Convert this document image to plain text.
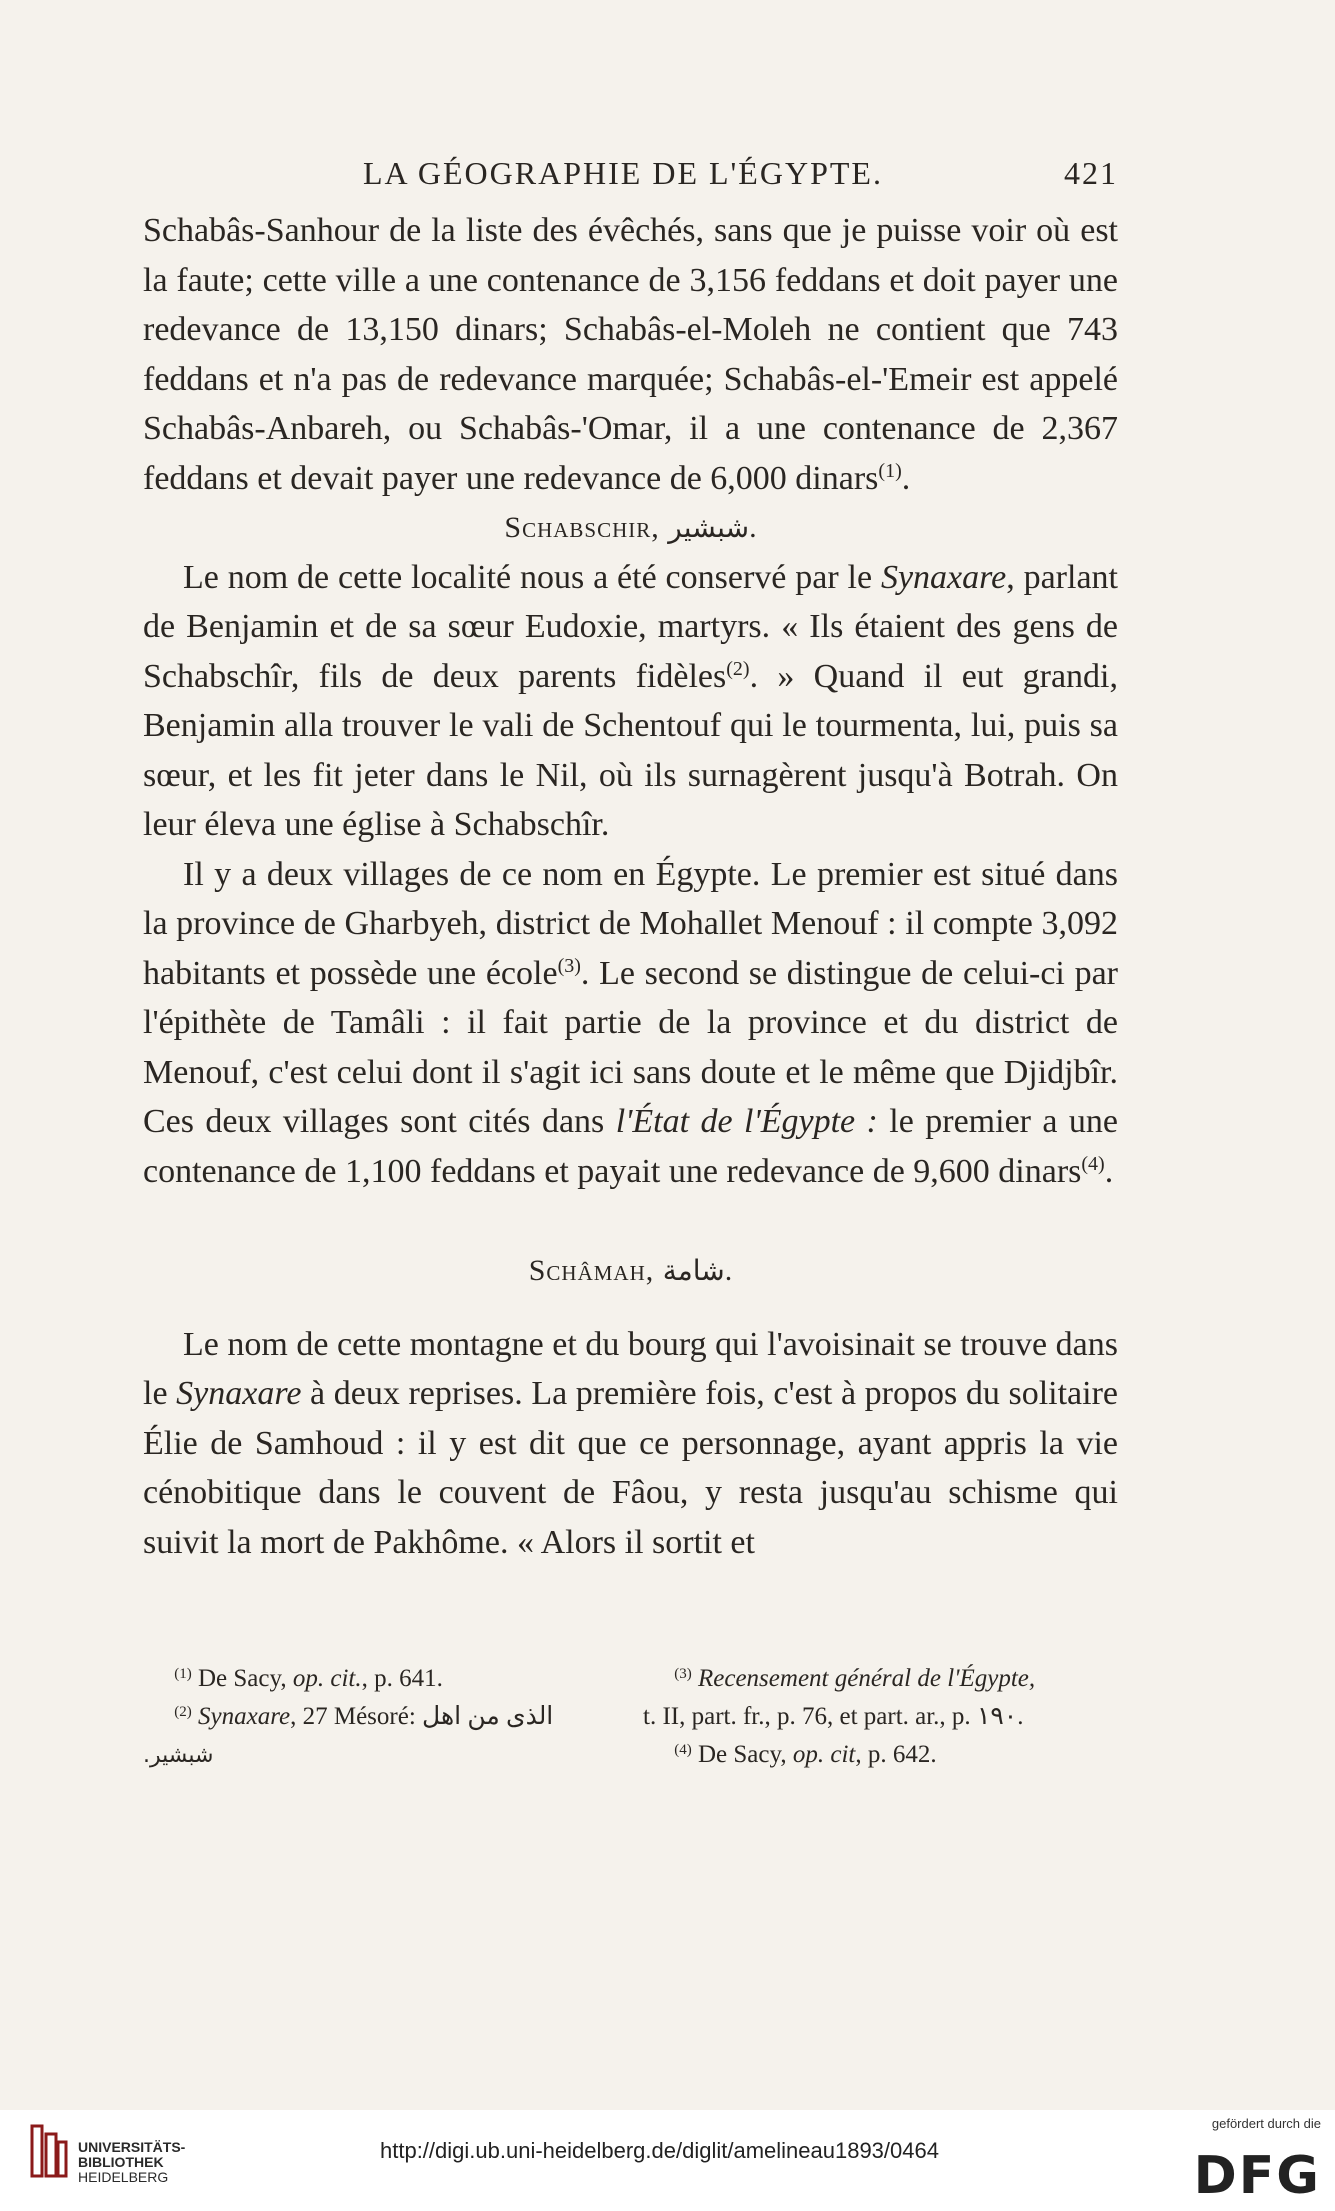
LA GÉOGRAPHIE DE L'ÉGYPTE.	421

Schabâs-Sanhour de la liste des évêchés, sans que je puisse voir où est la faute; cette ville a une contenance de 3,156 feddans et doit payer une redevance de 13,150 dinars; Schabâs-el-Moleh ne contient que 743 feddans et n'a pas de redevance marquée; Schabâs-el-'Emeir est appelé Schabâs-Anbareh, ou Schabâs-'Omar, il a une contenance de 2,367 feddans et devait payer une redevance de 6,000 dinars$^{(1)}$.

Schabschir, شبشير.

Le nom de cette localité nous a été conservé par le Synaxare, parlant de Benjamin et de sa sœur Eudoxie, martyrs. « Ils étaient des gens de Schabschîr, fils de deux parents fidèles$^{(2)}$. » Quand il eut grandi, Benjamin alla trouver le vali de Schentouf qui le tourmenta, lui, puis sa sœur, et les fit jeter dans le Nil, où ils surnagèrent jusqu'à Botrah. On leur éleva une église à Schabschîr.

Il y a deux villages de ce nom en Égypte. Le premier est situé dans la province de Gharbyeh, district de Mohallet Menouf : il compte 3,092 habitants et possède une école$^{(3)}$. Le second se distingue de celui-ci par l'épithète de Tamâli : il fait partie de la province et du district de Menouf, c'est celui dont il s'agit ici sans doute et le même que Djidjbîr. Ces deux villages sont cités dans l'État de l'Égypte : le premier a une contenance de 1,100 feddans et payait une redevance de 9,600 dinars$^{(4)}$.

Schâmah, شامة.

Le nom de cette montagne et du bourg qui l'avoisinait se trouve dans le Synaxare à deux reprises. La première fois, c'est à propos du solitaire Élie de Samhoud : il y est dit que ce personnage, ayant appris la vie cénobitique dans le couvent de Fâou, y resta jusqu'au schisme qui suivit la mort de Pakhôme. « Alors il sortit et

$^{(1)}$ De Sacy, op. cit., p. 641.
$^{(2)}$ Synaxare, 27 Mésoré: الذى من اهل
شبشير.
$^{(3)}$ Recensement général de l'Égypte,
t. II, part. fr., p. 76, et part. ar., p. ١٩٠.
$^{(4)}$ De Sacy, op. cit, p. 642.
UNIVERSITÄTS-
BIBLIOTHEK
HEIDELBERG
http://digi.ub.uni-heidelberg.de/diglit/amelineau1893/0464
gefördert durch die
DFG
